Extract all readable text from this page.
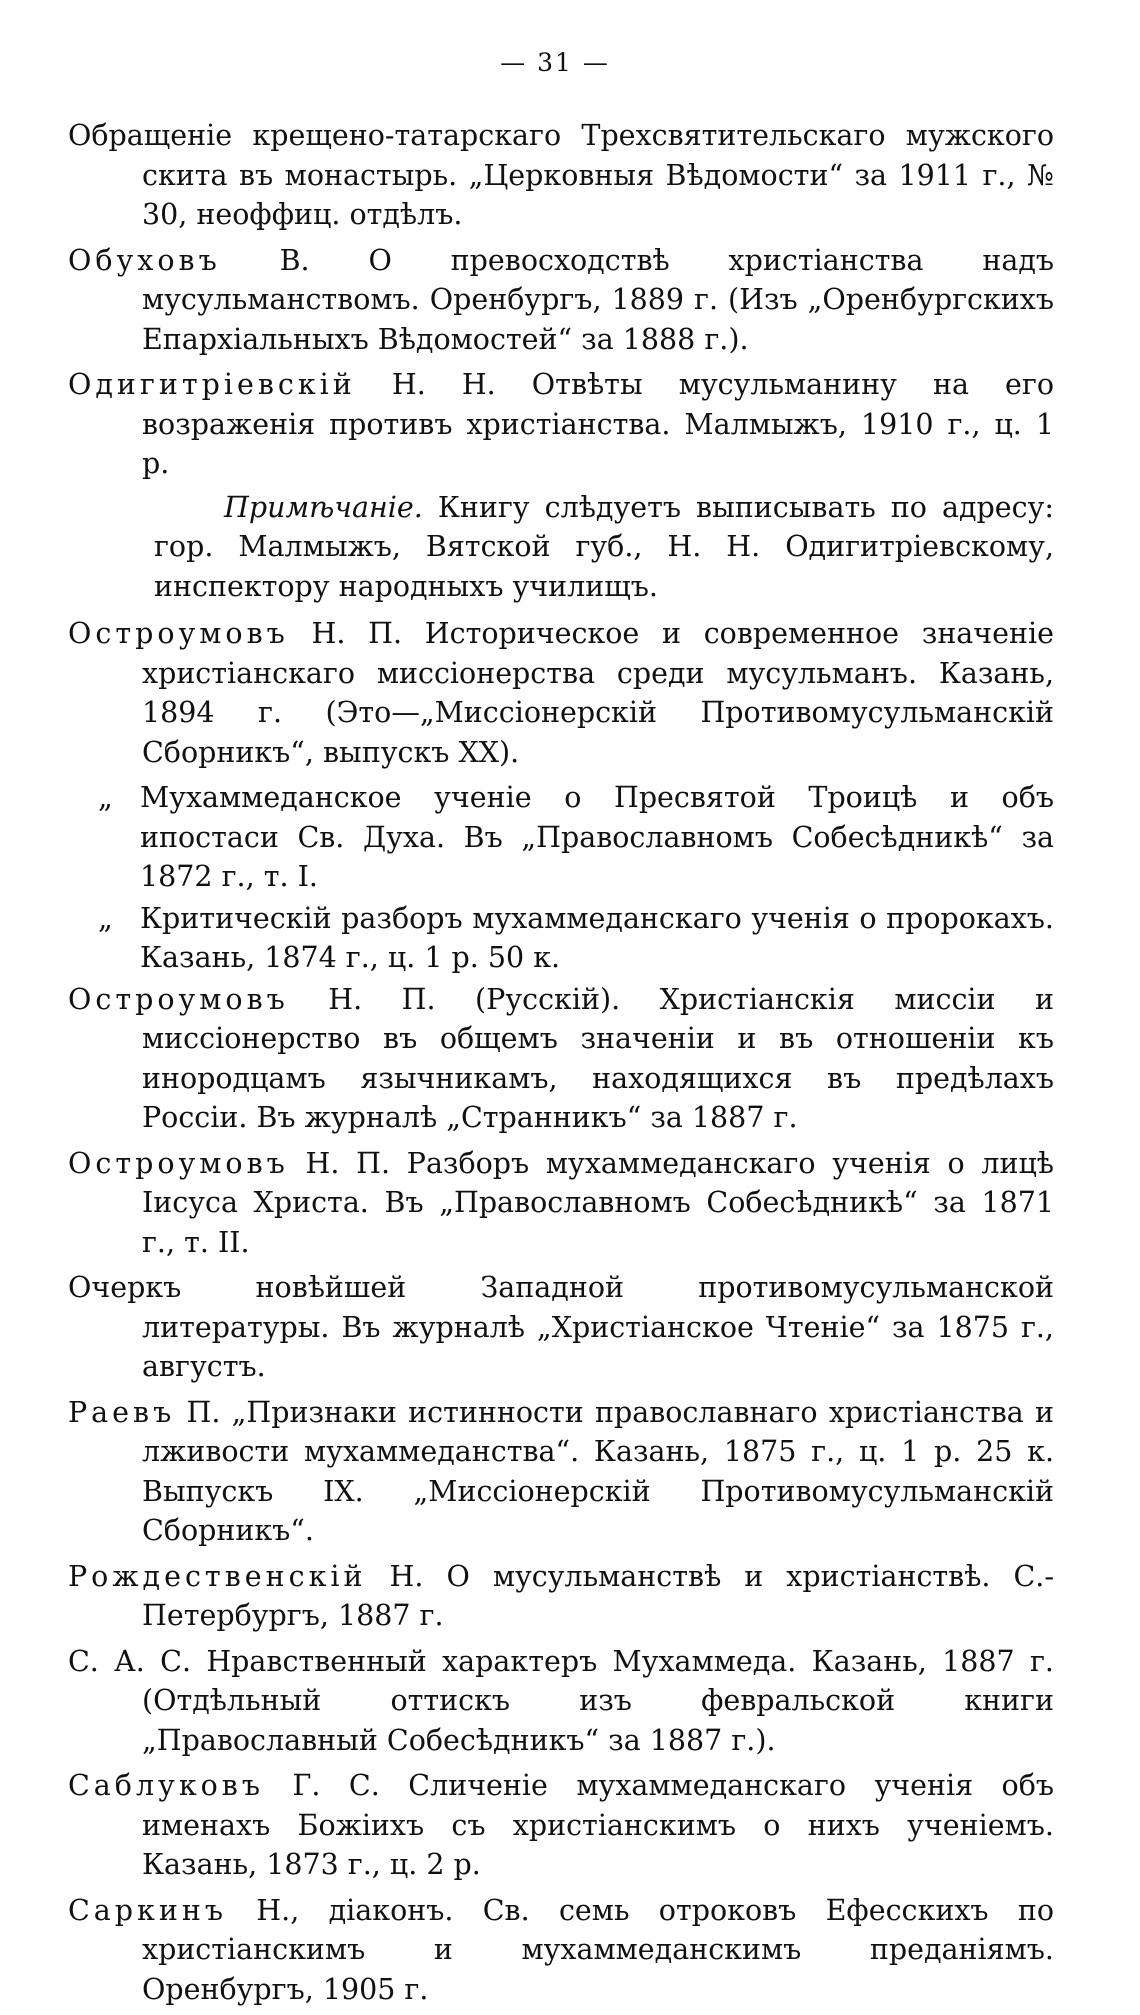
— 31 —

Обращеніе крещено-татарскаго Трехсвятительскаго мужского скита въ монастырь. „Церковныя Вѣдомости“ за 1911 г., № 30, неоффиц. отдѣлъ.

Обуховъ В. О превосходствѣ христіанства надъ мусульманствомъ. Оренбургъ, 1889 г. (Изъ „Оренбургскихъ Епархіальныхъ Вѣдомостей“ за 1888 г.).

Одигитріевскій Н. Н. Отвѣты мусульманину на его возраженія противъ христіанства. Малмыжъ, 1910 г., ц. 1 р.

Примѣчаніе. Книгу слѣдуетъ выписывать по адресу: гор. Малмыжъ, Вятской губ., Н. Н. Одигитріевскому, инспектору народныхъ училищъ.

Остроумовъ Н. П. Историческое и современное значеніе христіанскаго миссіонерства среди мусульманъ. Казань, 1894 г. (Это—„Миссіонерскій Противомусульманскій Сборникъ“, выпускъ XX).

„ Мухаммеданское ученіе о Пресвятой Троицѣ и объ ипостаси Св. Духа. Въ „Православномъ Собесѣдникѣ“ за 1872 г., т. I.

„ Критическій разборъ мухаммеданскаго ученія о пророкахъ. Казань, 1874 г., ц. 1 р. 50 к.

Остроумовъ Н. П. (Русскій). Христіанскія миссіи и миссіонерство въ общемъ значеніи и въ отношеніи къ инородцамъ язычникамъ, находящихся въ предѣлахъ Россіи. Въ журналѣ „Странникъ“ за 1887 г.

Остроумовъ Н. П. Разборъ мухаммеданскаго ученія о лицѣ Іисуса Христа. Въ „Православномъ Собесѣдникѣ“ за 1871 г., т. II.

Очеркъ новѣйшей Западной противомусульманской литературы. Въ журналѣ „Христіанское Чтеніе“ за 1875 г., августъ.

Раевъ П. „Признаки истинности православнаго христіанства и лживости мухаммеданства“. Казань, 1875 г., ц. 1 р. 25 к. Выпускъ IX. „Миссіонерскій Противомусульманскій Сборникъ“.

Рождественскій Н. О мусульманствѣ и христіанствѣ. С.-Петербургъ, 1887 г.

С. А. С. Нравственный характеръ Мухаммеда. Казань, 1887 г. (Отдѣльный оттискъ изъ февральской книги „Православный Собесѣдникъ“ за 1887 г.).

Саблуковъ Г. С. Сличеніе мухаммеданскаго ученія объ именахъ Божіихъ съ христіанскимъ о нихъ ученіемъ. Казань, 1873 г., ц. 2 р.

Саркинъ Н., діаконъ. Св. семь отроковъ Ефесскихъ по христіанскимъ и мухаммеданскимъ преданіямъ. Оренбургъ, 1905 г.
